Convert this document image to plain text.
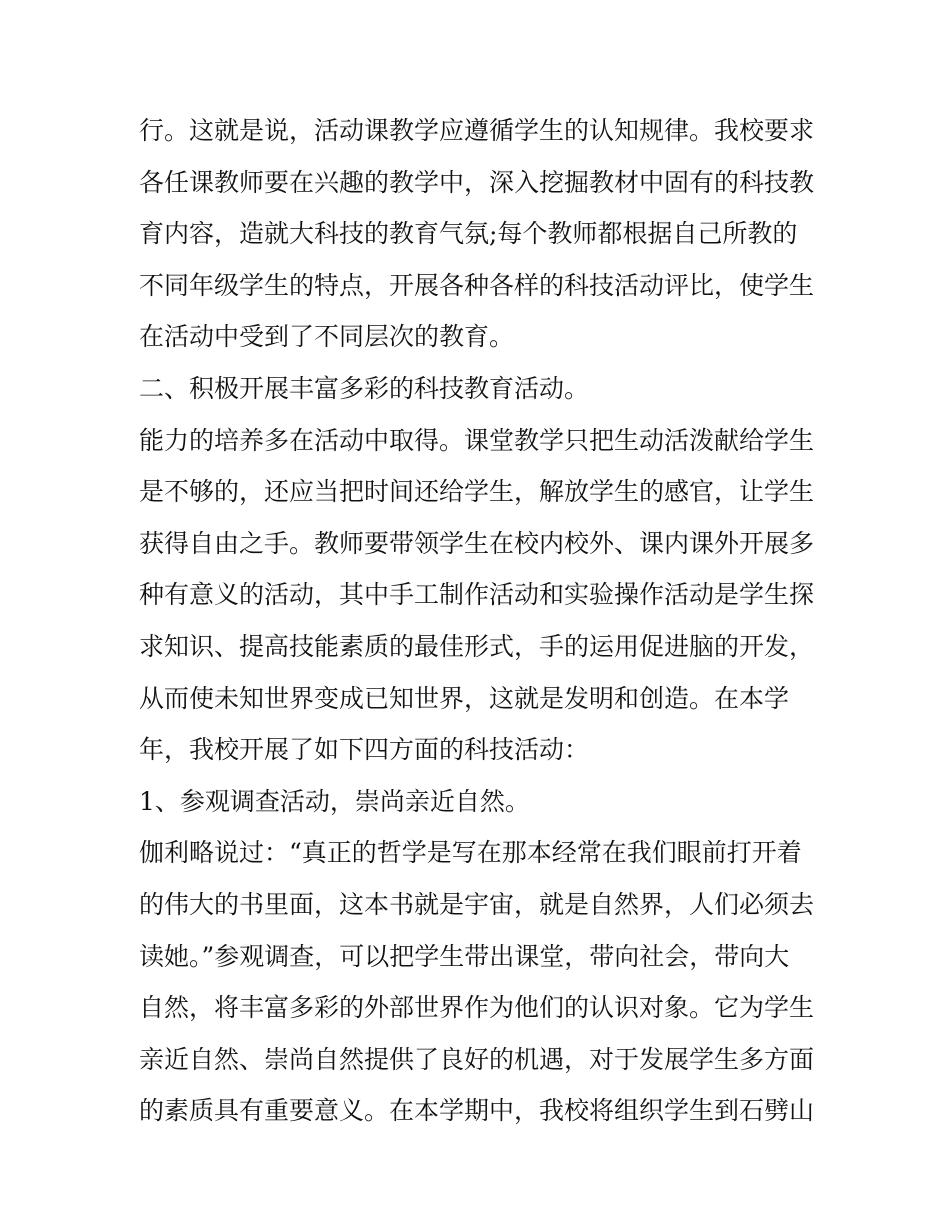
行。这就是说，活动课教学应遵循学生的认知规律。我校要求
各任课教师要在兴趣的教学中，深入挖掘教材中固有的科技教
育内容，造就大科技的教育气氛;每个教师都根据自己所教的
不同年级学生的特点，开展各种各样的科技活动评比，使学生
在活动中受到了不同层次的教育。
二、积极开展丰富多彩的科技教育活动。
能力的培养多在活动中取得。课堂教学只把生动活泼献给学生
是不够的，还应当把时间还给学生，解放学生的感官，让学生
获得自由之手。教师要带领学生在校内校外、课内课外开展多
种有意义的活动，其中手工制作活动和实验操作活动是学生探
求知识、提高技能素质的最佳形式，手的运用促进脑的开发，
从而使未知世界变成已知世界，这就是发明和创造。在本学
年，我校开展了如下四方面的科技活动：
1、参观调查活动，崇尚亲近自然。
伽利略说过：“真正的哲学是写在那本经常在我们眼前打开着
的伟大的书里面，这本书就是宇宙，就是自然界，人们必须去
读她。”参观调查，可以把学生带出课堂，带向社会，带向大
自然，将丰富多彩的外部世界作为他们的认识对象。它为学生
亲近自然、崇尚自然提供了良好的机遇，对于发展学生多方面
的素质具有重要意义。在本学期中，我校将组织学生到石劈山
